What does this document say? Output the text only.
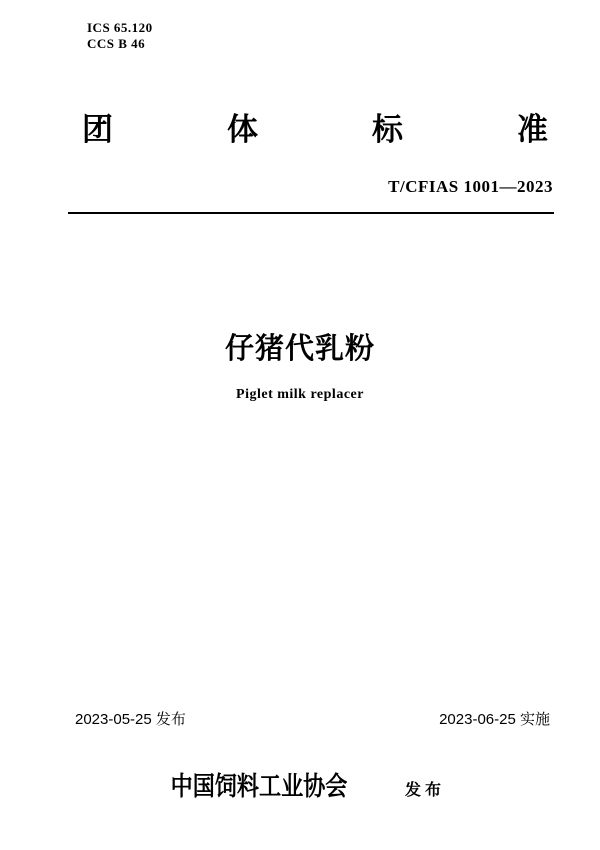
ICS 65.120
CCS B 46
团	体	标	准
T/CFIAS 1001—2023
仔猪代乳粉
Piglet milk replacer
2023-05-25 发布	2023-06-25 实施
中国饲料工业协会	发布
